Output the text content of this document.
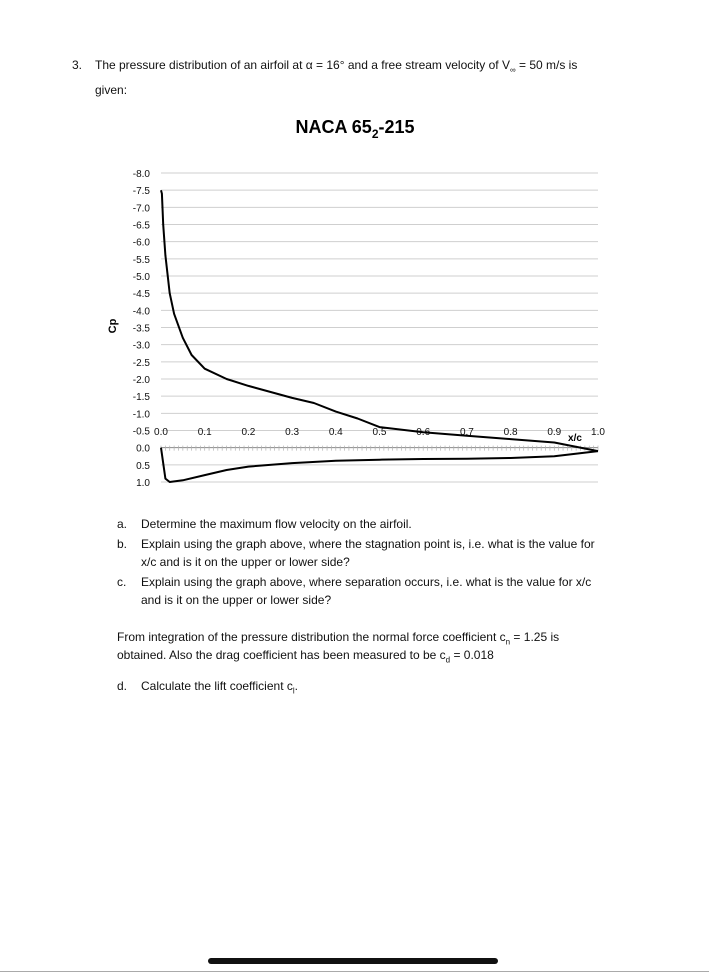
3. The pressure distribution of an airfoil at α = 16° and a free stream velocity of $V_\infty = 50$ m/s is
given:
NACA $65_2-215$
-8.0
-7.5
-7.0
-6.5
-6.0
-5.5
-5.0
-4.5
-4.0
-3.5
-3.0
-2.5
-2.0
-1.5
-1.0
-0.5
0.0
0.5
1.0
0.0	0.1	0.2	0.3	0.4	0.5	0.6	0.7	0.8	0.9	1.0
Cp
x/c
a. Determine the maximum flow velocity on the airfoil.
b. Explain using the graph above, where the stagnation point is, i.e. what is the value for
x/c and is it on the upper or lower side?
c. Explain using the graph above, where separation occurs, i.e. what is the value for x/c
and is it on the upper or lower side?
From integration of the pressure distribution the normal force coefficient $c_n = 1.25$ is
obtained. Also the drag coefficient has been measured to be $c_d = 0.018$
d. Calculate the lift coefficient $c_l$.
